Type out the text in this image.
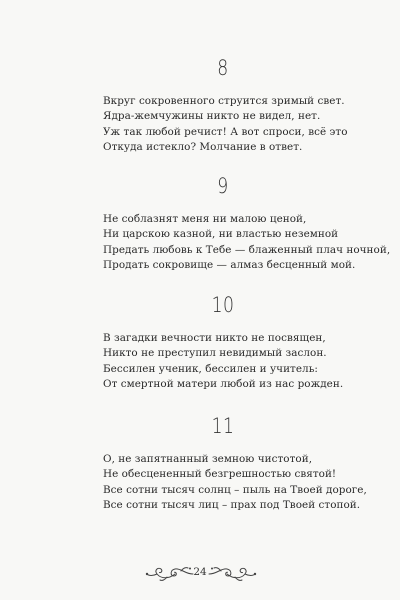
8
Вкруг сокровенного струится зримый свет.
Ядра-жемчужины никто не видел, нет.
Уж так любой речист! А вот спроси, всё это
Откуда истекло? Молчание в ответ.
9
Не соблазнят меня ни малою ценой,
Ни царскою казной, ни властью неземной
Предать любовь к Тебе — блаженный плач ночной,
Продать сокровище — алмаз бесценный мой.
10
В загадки вечности никто не посвящен,
Никто не преступил невидимый заслон.
Бессилен ученик, бессилен и учитель:
От смертной матери любой из нас рожден.
11
О, не запятнанный земною чистотой,
Не обесцененный безгрешностью святой!
Все сотни тысяч солнц – пыль на Твоей дороге,
Все сотни тысяч лиц – прах под Твоей стопой.
24
